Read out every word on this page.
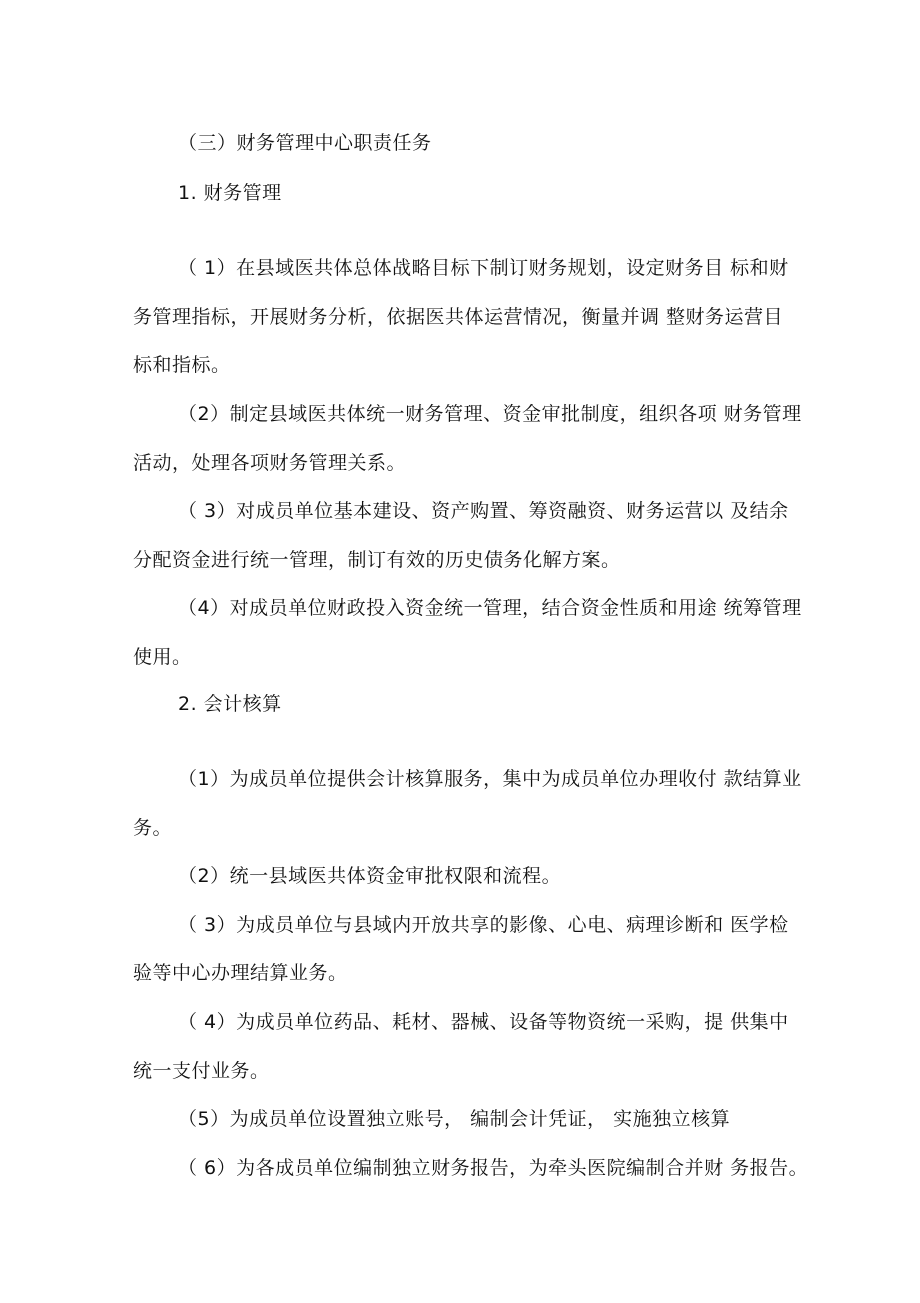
（三）财务管理中心职责任务
1. 财务管理
（ 1）在县域医共体总体战略目标下制订财务规划，设定财务目 标和财
务管理指标，开展财务分析，依据医共体运营情况，衡量并调 整财务运营目
标和指标。
（2）制定县域医共体统一财务管理、资金审批制度，组织各项 财务管理
活动，处理各项财务管理关系。
（ 3）对成员单位基本建设、资产购置、筹资融资、财务运营以 及结余
分配资金进行统一管理，制订有效的历史债务化解方案。
（4）对成员单位财政投入资金统一管理，结合资金性质和用途 统筹管理
使用。
2. 会计核算
（1）为成员单位提供会计核算服务，集中为成员单位办理收付 款结算业
务。
（2）统一县域医共体资金审批权限和流程。
（ 3）为成员单位与县域内开放共享的影像、心电、病理诊断和 医学检
验等中心办理结算业务。
（ 4）为成员单位药品、耗材、器械、设备等物资统一采购，提 供集中
统一支付业务。
（5）为成员单位设置独立账号， 编制会计凭证， 实施独立核算
（ 6）为各成员单位编制独立财务报告，为牵头医院编制合并财 务报告。
